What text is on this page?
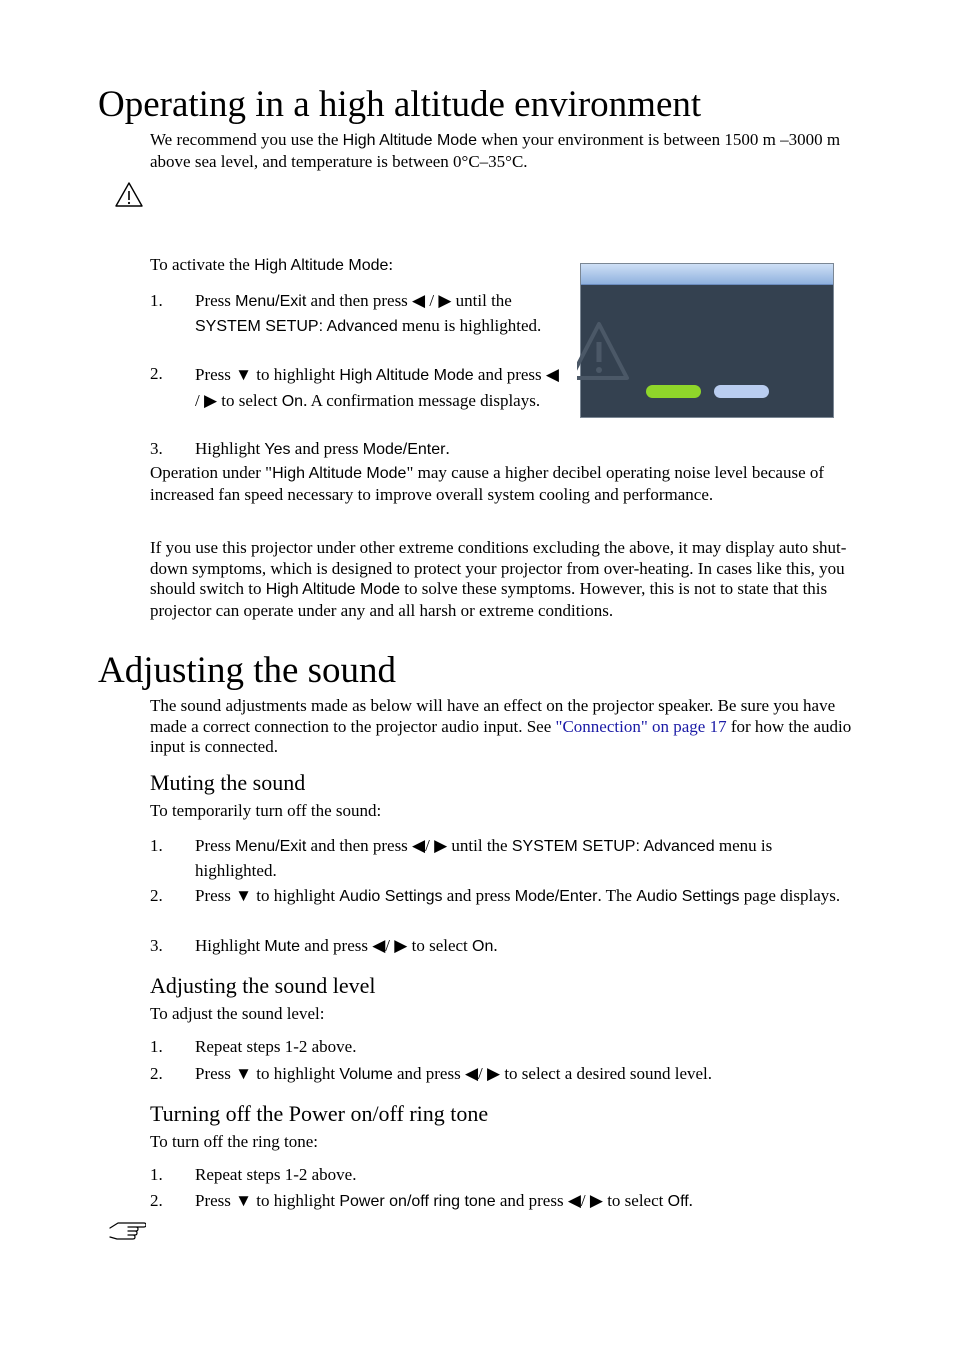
Operating in a high altitude environment
We recommend you use the High Altitude Mode when your environment is between 1500 m –3000 m above sea level, and temperature is between 0°C–35°C.
To activate the High Altitude Mode:
1. Press Menu/Exit and then press ◀ / ▶ until the SYSTEM SETUP: Advanced menu is highlighted.
2. Press ▼ to highlight High Altitude Mode and press ◀ / ▶ to select On. A confirmation message displays.
3. Highlight Yes and press Mode/Enter.
Operation under "High Altitude Mode" may cause a higher decibel operating noise level because of increased fan speed necessary to improve overall system cooling and performance.
If you use this projector under other extreme conditions excluding the above, it may display auto shut-down symptoms, which is designed to protect your projector from over-heating. In cases like this, you should switch to High Altitude Mode to solve these symptoms. However, this is not to state that this projector can operate under any and all harsh or extreme conditions.
Adjusting the sound
The sound adjustments made as below will have an effect on the projector speaker. Be sure you have made a correct connection to the projector audio input. See "Connection" on page 17 for how the audio input is connected.
Muting the sound
To temporarily turn off the sound:
1. Press Menu/Exit and then press ◀/ ▶ until the SYSTEM SETUP: Advanced menu is highlighted.
2. Press ▼ to highlight Audio Settings and press Mode/Enter. The Audio Settings page displays.
3. Highlight Mute and press ◀/ ▶ to select On.
Adjusting the sound level
To adjust the sound level:
1. Repeat steps 1-2 above.
2. Press ▼ to highlight Volume and press ◀/ ▶ to select a desired sound level.
Turning off the Power on/off ring tone
To turn off the ring tone:
1. Repeat steps 1-2 above.
2. Press ▼ to highlight Power on/off ring tone and press ◀/ ▶ to select Off.
